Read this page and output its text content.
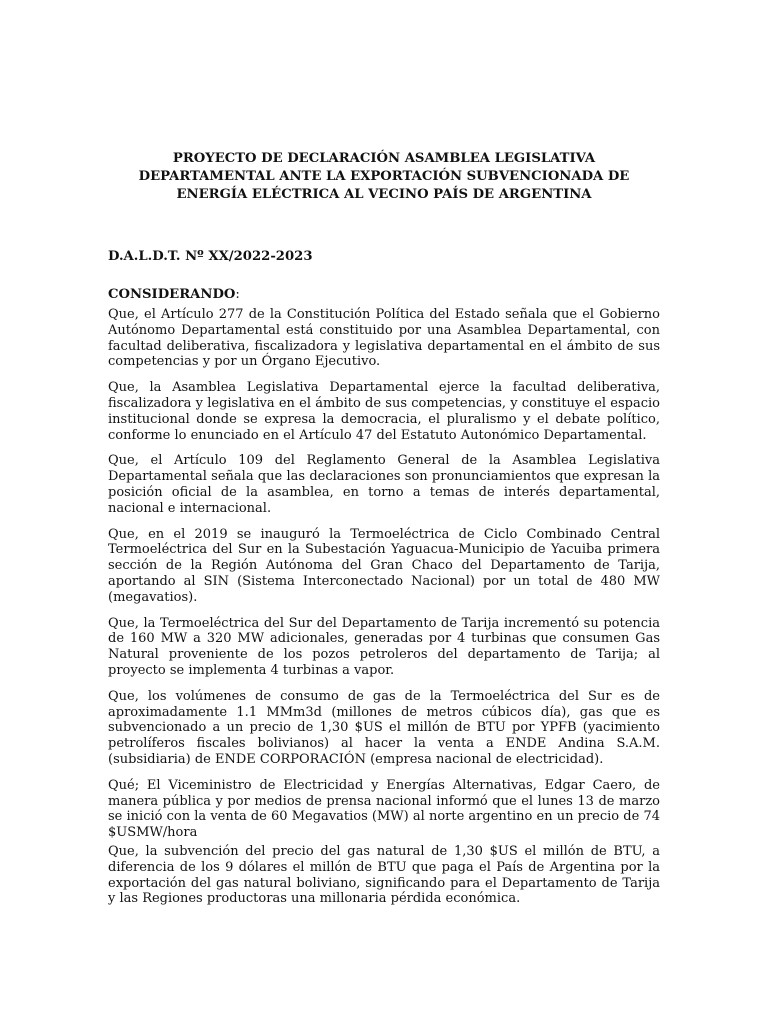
PROYECTO DE DECLARACIÓN ASAMBLEA LEGISLATIVA DEPARTAMENTAL ANTE LA EXPORTACIÓN SUBVENCIONADA DE ENERGÍA ELÉCTRICA AL VECINO PAÍS DE ARGENTINA

D.A.L.D.T. Nº XX/2022-2023

CONSIDERANDO:

Que, el Artículo 277 de la Constitución Política del Estado señala que el Gobierno Autónomo Departamental está constituido por una Asamblea Departamental, con facultad deliberativa, fiscalizadora y legislativa departamental en el ámbito de sus competencias y por un Órgano Ejecutivo.

Que, la Asamblea Legislativa Departamental ejerce la facultad deliberativa, fiscalizadora y legislativa en el ámbito de sus competencias, y constituye el espacio institucional donde se expresa la democracia, el pluralismo y el debate político, conforme lo enunciado en el Artículo 47 del Estatuto Autonómico Departamental.

Que, el Artículo 109 del Reglamento General de la Asamblea Legislativa Departamental señala que las declaraciones son pronunciamientos que expresan la posición oficial de la asamblea, en torno a temas de interés departamental, nacional e internacional.

Que, en el 2019 se inauguró la Termoeléctrica de Ciclo Combinado Central Termoeléctrica del Sur en la Subestación Yaguacua-Municipio de Yacuiba primera sección de la Región Autónoma del Gran Chaco del Departamento de Tarija, aportando al SIN (Sistema Interconectado Nacional) por un total de 480 MW (megavatios).

Que, la Termoeléctrica del Sur del Departamento de Tarija incrementó su potencia de 160 MW a 320 MW adicionales, generadas por 4 turbinas que consumen Gas Natural proveniente de los pozos petroleros del departamento de Tarija; al proyecto se implementa 4 turbinas a vapor.

Que, los volúmenes de consumo de gas de la Termoeléctrica del Sur es de aproximadamente 1.1 MMm3d (millones de metros cúbicos día), gas que es subvencionado a un precio de 1,30 $US el millón de BTU por YPFB (yacimiento petrolíferos fiscales bolivianos) al hacer la venta a ENDE Andina S.A.M. (subsidiaria) de ENDE CORPORACIÓN (empresa nacional de electricidad).

Qué; El Viceministro de Electricidad y Energías Alternativas, Edgar Caero, de manera pública y por medios de prensa nacional informó que el lunes 13 de marzo se inició con la venta de 60 Megavatios (MW) al norte argentino en un precio de 74 $USMW/hora

Que, la subvención del precio del gas natural de 1,30 $US el millón de BTU, a diferencia de los 9 dólares el millón de BTU que paga el País de Argentina por la exportación del gas natural boliviano, significando para el Departamento de Tarija y las Regiones productoras una millonaria pérdida económica.
